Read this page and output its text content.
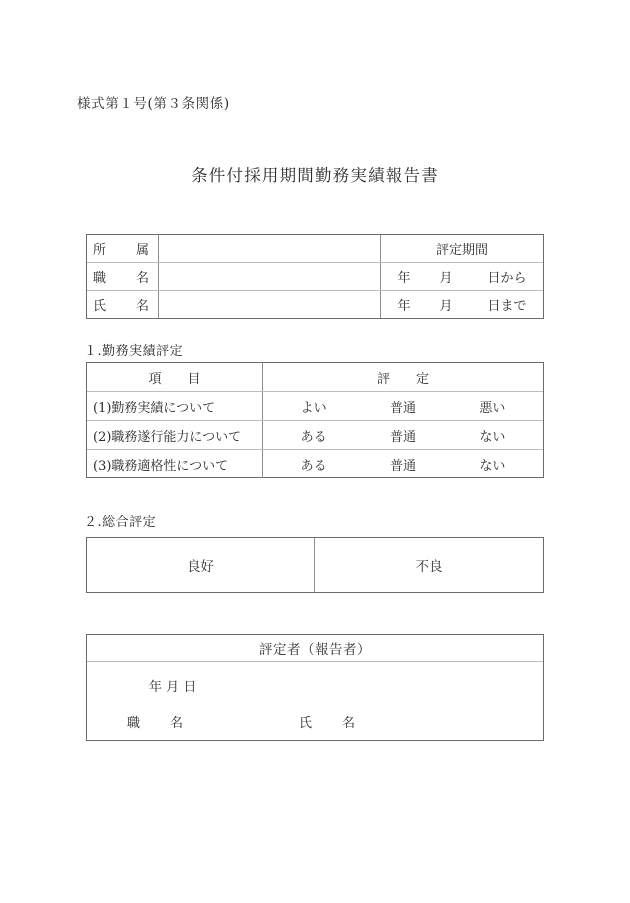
様式第１号(第３条関係)
条件付採用期間勤務実績報告書
所　属	評定期間
職　名	年	月	日から
氏　名	年	月	日まで
１.勤務実績評定
項　　目	評　　定
(1)勤務実績について	よい	普通	悪い
(2)職務遂行能力について	ある	普通	ない
(3)職務適格性について	ある	普通	ない
２.総合評定
良好	不良
評定者（報告者）
年 月 日
職　名	氏　名
